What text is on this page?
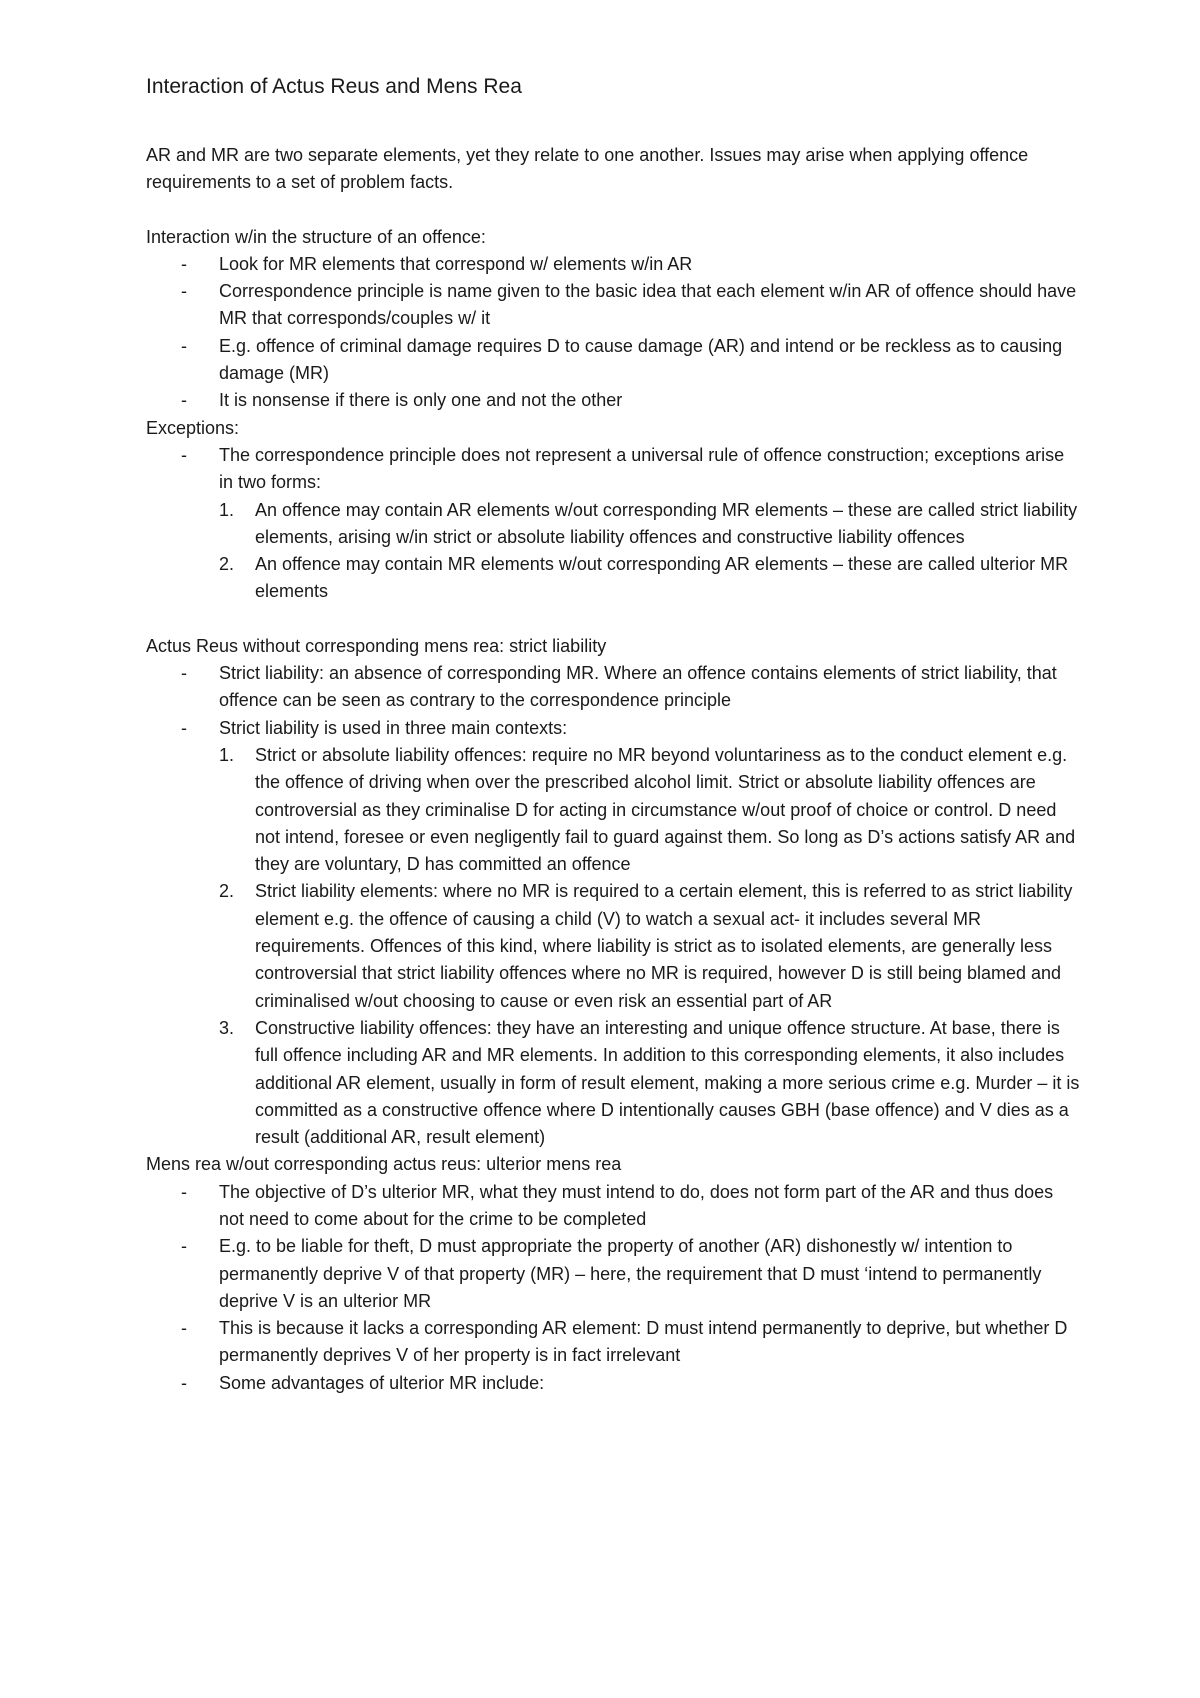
Interaction of Actus Reus and Mens Rea
AR and MR are two separate elements, yet they relate to one another. Issues may arise when applying offence requirements to a set of problem facts.
Interaction w/in the structure of an offence:
- Look for MR elements that correspond w/ elements w/in AR
- Correspondence principle is name given to the basic idea that each element w/in AR of offence should have MR that corresponds/couples w/ it
- E.g. offence of criminal damage requires D to cause damage (AR) and intend or be reckless as to causing damage (MR)
- It is nonsense if there is only one and not the other
Exceptions:
- The correspondence principle does not represent a universal rule of offence construction; exceptions arise in two forms:
1. An offence may contain AR elements w/out corresponding MR elements – these are called strict liability elements, arising w/in strict or absolute liability offences and constructive liability offences
2. An offence may contain MR elements w/out corresponding AR elements – these are called ulterior MR elements
Actus Reus without corresponding mens rea: strict liability
- Strict liability: an absence of corresponding MR. Where an offence contains elements of strict liability, that offence can be seen as contrary to the correspondence principle
- Strict liability is used in three main contexts:
1. Strict or absolute liability offences: require no MR beyond voluntariness as to the conduct element e.g. the offence of driving when over the prescribed alcohol limit. Strict or absolute liability offences are controversial as they criminalise D for acting in circumstance w/out proof of choice or control. D need not intend, foresee or even negligently fail to guard against them. So long as D’s actions satisfy AR and they are voluntary, D has committed an offence
2. Strict liability elements: where no MR is required to a certain element, this is referred to as strict liability element e.g. the offence of causing a child (V) to watch a sexual act- it includes several MR requirements. Offences of this kind, where liability is strict as to isolated elements, are generally less controversial that strict liability offences where no MR is required, however D is still being blamed and criminalised w/out choosing to cause or even risk an essential part of AR
3. Constructive liability offences: they have an interesting and unique offence structure. At base, there is full offence including AR and MR elements. In addition to this corresponding elements, it also includes additional AR element, usually in form of result element, making a more serious crime e.g. Murder – it is committed as a constructive offence where D intentionally causes GBH (base offence) and V dies as a result (additional AR, result element)
Mens rea w/out corresponding actus reus: ulterior mens rea
- The objective of D’s ulterior MR, what they must intend to do, does not form part of the AR and thus does not need to come about for the crime to be completed
- E.g. to be liable for theft, D must appropriate the property of another (AR) dishonestly w/ intention to permanently deprive V of that property (MR) – here, the requirement that D must ‘intend to permanently deprive V is an ulterior MR
- This is because it lacks a corresponding AR element: D must intend permanently to deprive, but whether D permanently deprives V of her property is in fact irrelevant
- Some advantages of ulterior MR include:
